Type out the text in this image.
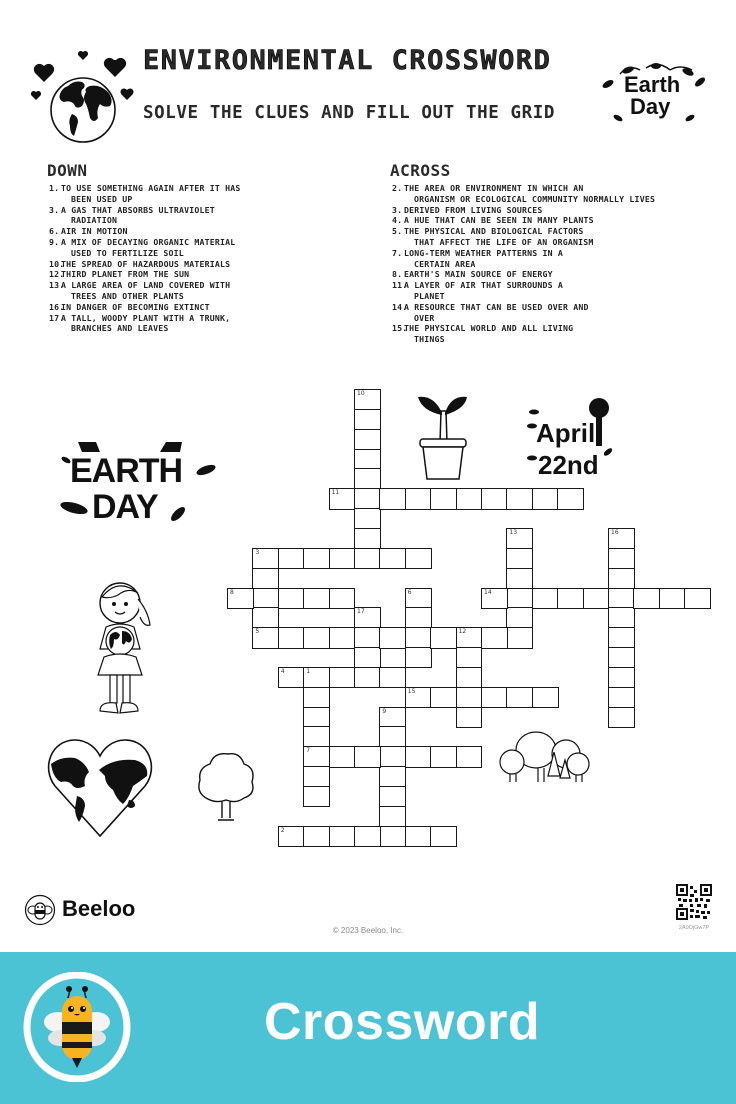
ENVIRONMENTAL CROSSWORD
SOLVE THE CLUES AND FILL OUT THE GRID
Earth
Day
DOWN
1. TO USE SOMETHING AGAIN AFTER IT HAS
BEEN USED UP
3. A GAS THAT ABSORBS ULTRAVIOLET
RADIATION
6. AIR IN MOTION
9. A MIX OF DECAYING ORGANIC MATERIAL
USED TO FERTILIZE SOIL
10.
THE SPREAD OF HAZARDOUS MATERIALS
12.
THIRD PLANET FROM THE SUN
13.
A LARGE AREA OF LAND COVERED WITH
TREES AND OTHER PLANTS
16.
IN DANGER OF BECOMING EXTINCT
17.
A TALL, WOODY PLANT WITH A TRUNK,
BRANCHES AND LEAVES
ACROSS
2. THE AREA OR ENVIRONMENT IN WHICH AN
ORGANISM OR ECOLOGICAL COMMUNITY NORMALLY LIVES
3. DERIVED FROM LIVING SOURCES
4. A HUE THAT CAN BE SEEN IN MANY PLANTS
5. THE PHYSICAL AND BIOLOGICAL FACTORS
THAT AFFECT THE LIFE OF AN ORGANISM
7. LONG-TERM WEATHER PATTERNS IN A
CERTAIN AREA
8. EARTH'S MAIN SOURCE OF ENERGY
11.
A LAYER OF AIR THAT SURROUNDS A
PLANET
14.
A RESOURCE THAT CAN BE USED OVER AND
OVER
15.
THE PHYSICAL WORLD AND ALL LIVING
THINGS
10
11
13	16
3
5
8	6	14
17
12
4	1
7
15
9
2
EARTH
DAY
April
22nd
Beeloo
© 2023 Beeloo, Inc.	2A0OjGw7P
Crossword
